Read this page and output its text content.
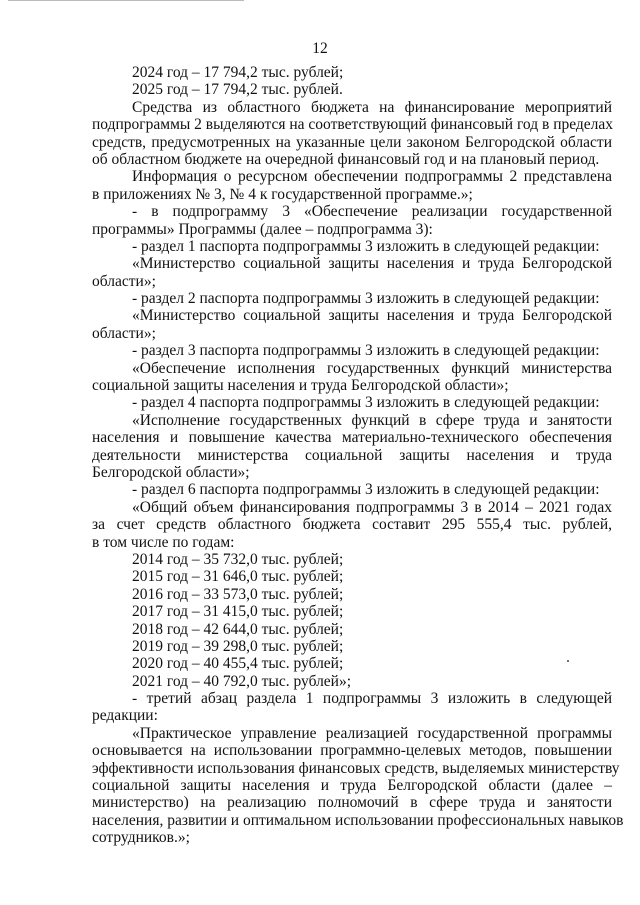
12

2024 год – 17 794,2 тыс. рублей;

2025 год – 17 794,2 тыс. рублей.

Средства из областного бюджета на финансирование мероприятий

подпрограммы 2 выделяются на соответствующий финансовый год в пределах

средств, предусмотренных на указанные цели законом Белгородской области

об областном бюджете на очередной финансовый год и на плановый период.

Информация о ресурсном обеспечении подпрограммы 2 представлена

в приложениях № 3, № 4 к государственной программе.»;

- в подпрограмму 3 «Обеспечение реализации государственной

программы» Программы (далее – подпрограмма 3):

- раздел 1 паспорта подпрограммы 3 изложить в следующей редакции:

«Министерство социальной защиты населения и труда Белгородской

области»;

- раздел 2 паспорта подпрограммы 3 изложить в следующей редакции:

«Министерство социальной защиты населения и труда Белгородской

области»;

- раздел 3 паспорта подпрограммы 3 изложить в следующей редакции:

«Обеспечение исполнения государственных функций министерства

социальной защиты населения и труда Белгородской области»;

- раздел 4 паспорта подпрограммы 3 изложить в следующей редакции:

«Исполнение государственных функций в сфере труда и занятости

населения и повышение качества материально-технического обеспечения

деятельности министерства социальной защиты населения и труда

Белгородской области»;

- раздел 6 паспорта подпрограммы 3 изложить в следующей редакции:

«Общий объем финансирования подпрограммы 3 в 2014 – 2021 годах

за счет средств областного бюджета составит 295 555,4 тыс. рублей,

в том числе по годам:

2014 год – 35 732,0 тыс. рублей;

2015 год – 31 646,0 тыс. рублей;

2016 год – 33 573,0 тыс. рублей;

2017 год – 31 415,0 тыс. рублей;

2018 год – 42 644,0 тыс. рублей;

2019 год – 39 298,0 тыс. рублей;

2020 год – 40 455,4 тыс. рублей;

2021 год – 40 792,0 тыс. рублей»;

- третий абзац раздела 1 подпрограммы 3 изложить в следующей

редакции:

«Практическое управление реализацией государственной программы

основывается на использовании программно-целевых методов, повышении

эффективности использования финансовых средств, выделяемых министерству

социальной защиты населения и труда Белгородской области (далее –

министерство) на реализацию полномочий в сфере труда и занятости

населения, развитии и оптимальном использовании профессиональных навыков

сотрудников.»;
